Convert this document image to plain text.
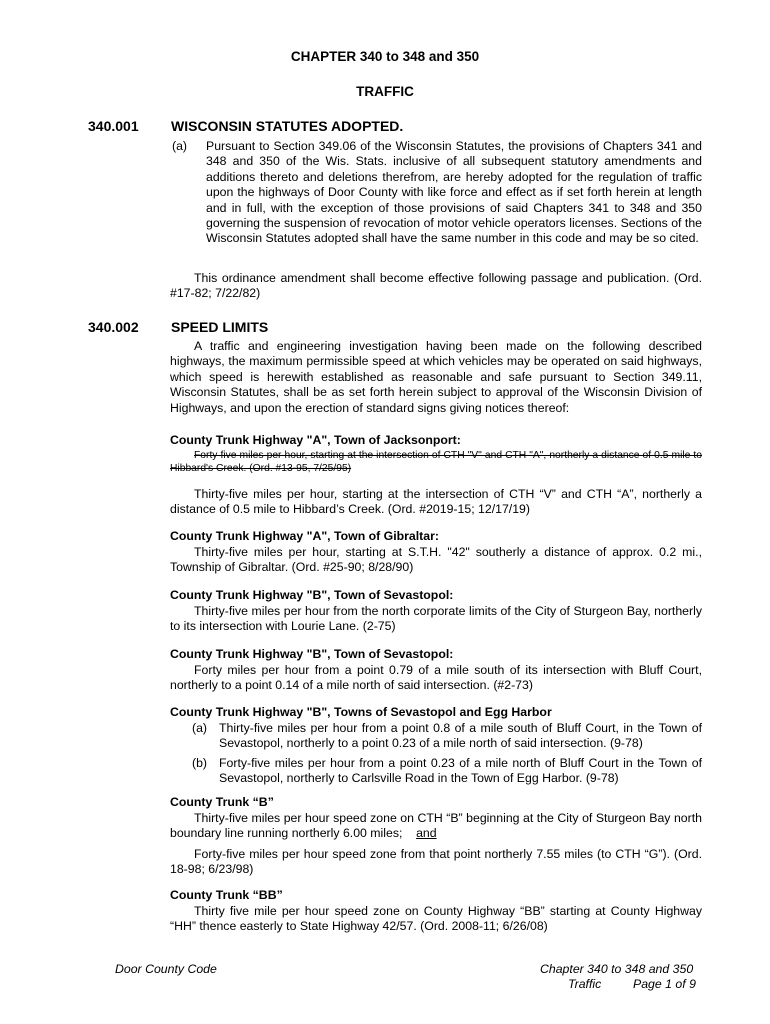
CHAPTER 340 to 348 and 350
TRAFFIC
340.001 WISCONSIN STATUTES ADOPTED.
(a) Pursuant to Section 349.06 of the Wisconsin Statutes, the provisions of Chapters 341 and 348 and 350 of the Wis. Stats. inclusive of all subsequent statutory amendments and additions thereto and deletions therefrom, are hereby adopted for the regulation of traffic upon the highways of Door County with like force and effect as if set forth herein at length and in full, with the exception of those provisions of said Chapters 341 to 348 and 350 governing the suspension of revocation of motor vehicle operators licenses. Sections of the Wisconsin Statutes adopted shall have the same number in this code and may be so cited.
This ordinance amendment shall become effective following passage and publication. (Ord. #17-82; 7/22/82)
340.002 SPEED LIMITS
A traffic and engineering investigation having been made on the following described highways, the maximum permissible speed at which vehicles may be operated on said highways, which speed is herewith established as reasonable and safe pursuant to Section 349.11, Wisconsin Statutes, shall be as set forth herein subject to approval of the Wisconsin Division of Highways, and upon the erection of standard signs giving notices thereof:
County Trunk Highway "A", Town of Jacksonport:
Forty five miles per hour, starting at the intersection of CTH "V" and CTH "A", northerly a distance of 0.5 mile to Hibbard's Creek. (Ord. #13-95, 7/25/95)
Thirty-five miles per hour, starting at the intersection of CTH “V” and CTH “A”, northerly a distance of 0.5 mile to Hibbard’s Creek. (Ord. #2019-15; 12/17/19)
County Trunk Highway "A", Town of Gibraltar:
Thirty-five miles per hour, starting at S.T.H. "42" southerly a distance of approx. 0.2 mi., Township of Gibraltar. (Ord. #25-90; 8/28/90)
County Trunk Highway "B", Town of Sevastopol:
Thirty-five miles per hour from the north corporate limits of the City of Sturgeon Bay, northerly to its intersection with Lourie Lane. (2-75)
County Trunk Highway "B", Town of Sevastopol:
Forty miles per hour from a point 0.79 of a mile south of its intersection with Bluff Court, northerly to a point 0.14 of a mile north of said intersection. (#2-73)
County Trunk Highway "B", Towns of Sevastopol and Egg Harbor
(a) Thirty-five miles per hour from a point 0.8 of a mile south of Bluff Court, in the Town of Sevastopol, northerly to a point 0.23 of a mile north of said intersection. (9-78)
(b) Forty-five miles per hour from a point 0.23 of a mile north of Bluff Court in the Town of Sevastopol, northerly to Carlsville Road in the Town of Egg Harbor. (9-78)
County Trunk “B”
Thirty-five miles per hour speed zone on CTH “B” beginning at the City of Sturgeon Bay north boundary line running northerly 6.00 miles; and
Forty-five miles per hour speed zone from that point northerly 7.55 miles (to CTH “G”). (Ord. 18-98; 6/23/98)
County Trunk “BB”
Thirty five mile per hour speed zone on County Highway “BB” starting at County Highway “HH” thence easterly to State Highway 42/57. (Ord. 2008-11; 6/26/08)
Door County Code	Chapter 340 to 348 and 350
Traffic	Page 1 of 9
